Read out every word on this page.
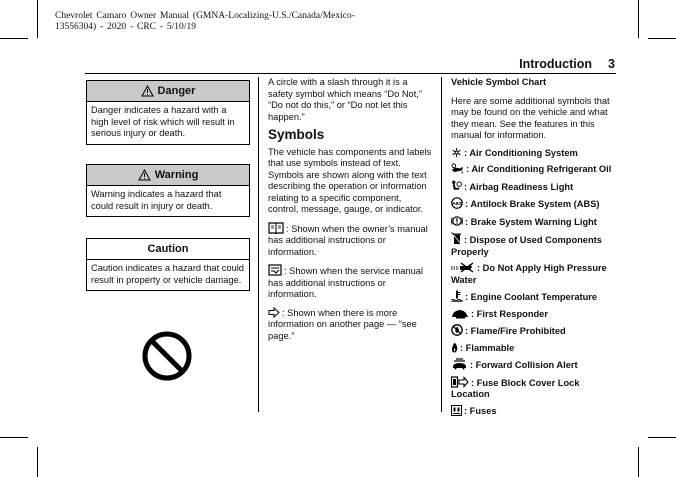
Chevrolet Camaro Owner Manual (GMNA-Localizing-U.S./Canada/Mexico-
13556304) - 2020 - CRC - 5/10/19
Introduction 3
Danger
Danger indicates a hazard with a high level of risk which will result in serious injury or death.
Warning
Warning indicates a hazard that could result in injury or death.
Caution
Caution indicates a hazard that could result in property or vehicle damage.

A circle with a slash through it is a safety symbol which means “Do Not,” “Do not do this,” or “Do not let this happen.”

Symbols

The vehicle has components and labels that use symbols instead of text. Symbols are shown along with the text describing the operation or information relating to a specific component, control, message, gauge, or indicator.

: Shown when the owner’s manual has additional instructions or information.

: Shown when the service manual has additional instructions or information.

: Shown when there is more information on another page — “see page.”

Vehicle Symbol Chart

Here are some additional symbols that may be found on the vehicle and what they mean. See the features in this manual for information.

: Air Conditioning System
: Air Conditioning Refrigerant Oil
: Airbag Readiness Light
ABS : Antilock Brake System (ABS)
: Brake System Warning Light
: Dispose of Used Components Properly
: Do Not Apply High Pressure Water
: Engine Coolant Temperature
: First Responder
: Flame/Fire Prohibited
: Flammable
: Forward Collision Alert
: Fuse Block Cover Lock Location
: Fuses
